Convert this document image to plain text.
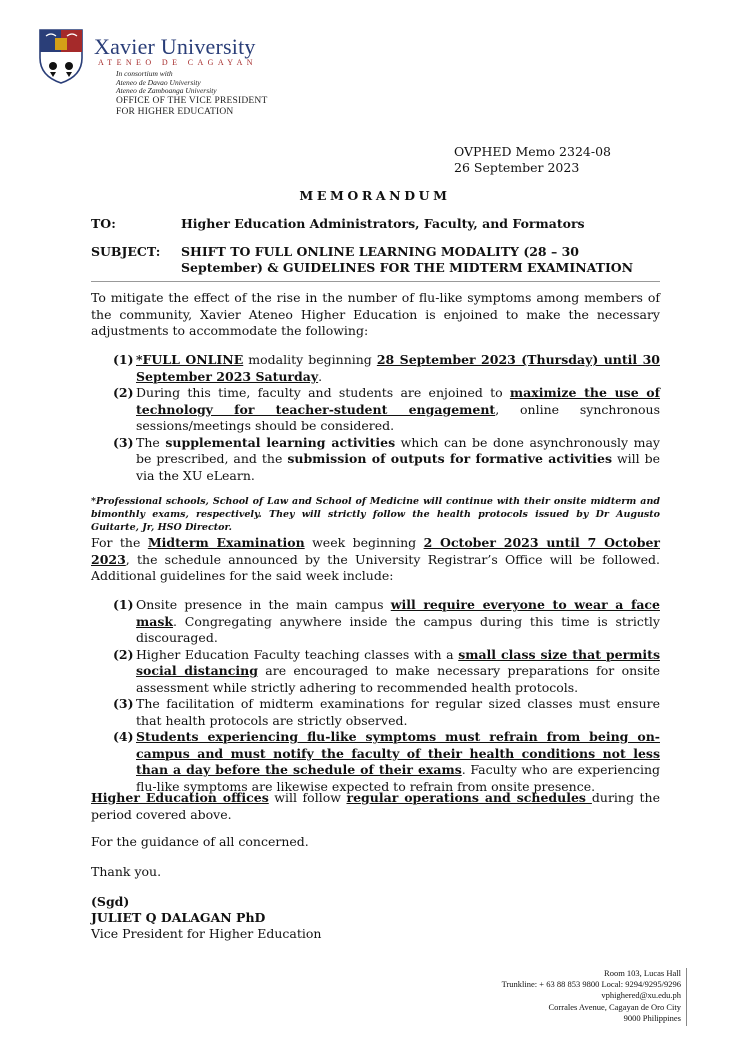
Xavier University
ATENEO DE CAGAYAN
In consortium with
Ateneo de Davao University
Ateneo de Zamboanga University
OFFICE OF THE VICE PRESIDENT
FOR HIGHER EDUCATION
OVPHED Memo 2324-08
26 September 2023
MEMORANDUM
TO:	Higher Education Administrators, Faculty, and Formators
SUBJECT: SHIFT TO FULL ONLINE LEARNING MODALITY (28 – 30 September) & GUIDELINES FOR THE MIDTERM EXAMINATION
To mitigate the effect of the rise in the number of flu-like symptoms among members of the community, Xavier Ateneo Higher Education is enjoined to make the necessary adjustments to accommodate the following:
(1) *FULL ONLINE modality beginning 28 September 2023 (Thursday) until 30 September 2023 Saturday.
(2) During this time, faculty and students are enjoined to maximize the use of technology for teacher-student engagement, online synchronous sessions/meetings should be considered.
(3) The supplemental learning activities which can be done asynchronously may be prescribed, and the submission of outputs for formative activities will be via the XU eLearn.
*Professional schools, School of Law and School of Medicine will continue with their onsite midterm and bimonthly exams, respectively. They will strictly follow the health protocols issued by Dr Augusto Guitarte, Jr, HSO Director.
For the Midterm Examination week beginning 2 October 2023 until 7 October 2023, the schedule announced by the University Registrar’s Office will be followed. Additional guidelines for the said week include:
(1) Onsite presence in the main campus will require everyone to wear a face mask. Congregating anywhere inside the campus during this time is strictly discouraged.
(2) Higher Education Faculty teaching classes with a small class size that permits social distancing are encouraged to make necessary preparations for onsite assessment while strictly adhering to recommended health protocols.
(3) The facilitation of midterm examinations for regular sized classes must ensure that health protocols are strictly observed.
(4) Students experiencing flu-like symptoms must refrain from being on-campus and must notify the faculty of their health conditions not less than a day before the schedule of their exams. Faculty who are experiencing flu-like symptoms are likewise expected to refrain from onsite presence.
Higher Education offices will follow regular operations and schedules during the period covered above.
For the guidance of all concerned.
Thank you.
(Sgd)
JULIET Q DALAGAN PhD
Vice President for Higher Education
Room 103, Lucas Hall
Trunkline: + 63 88 853 9800 Local: 9294/9295/9296
vphighered@xu.edu.ph
Corrales Avenue, Cagayan de Oro City
9000 Philippines
